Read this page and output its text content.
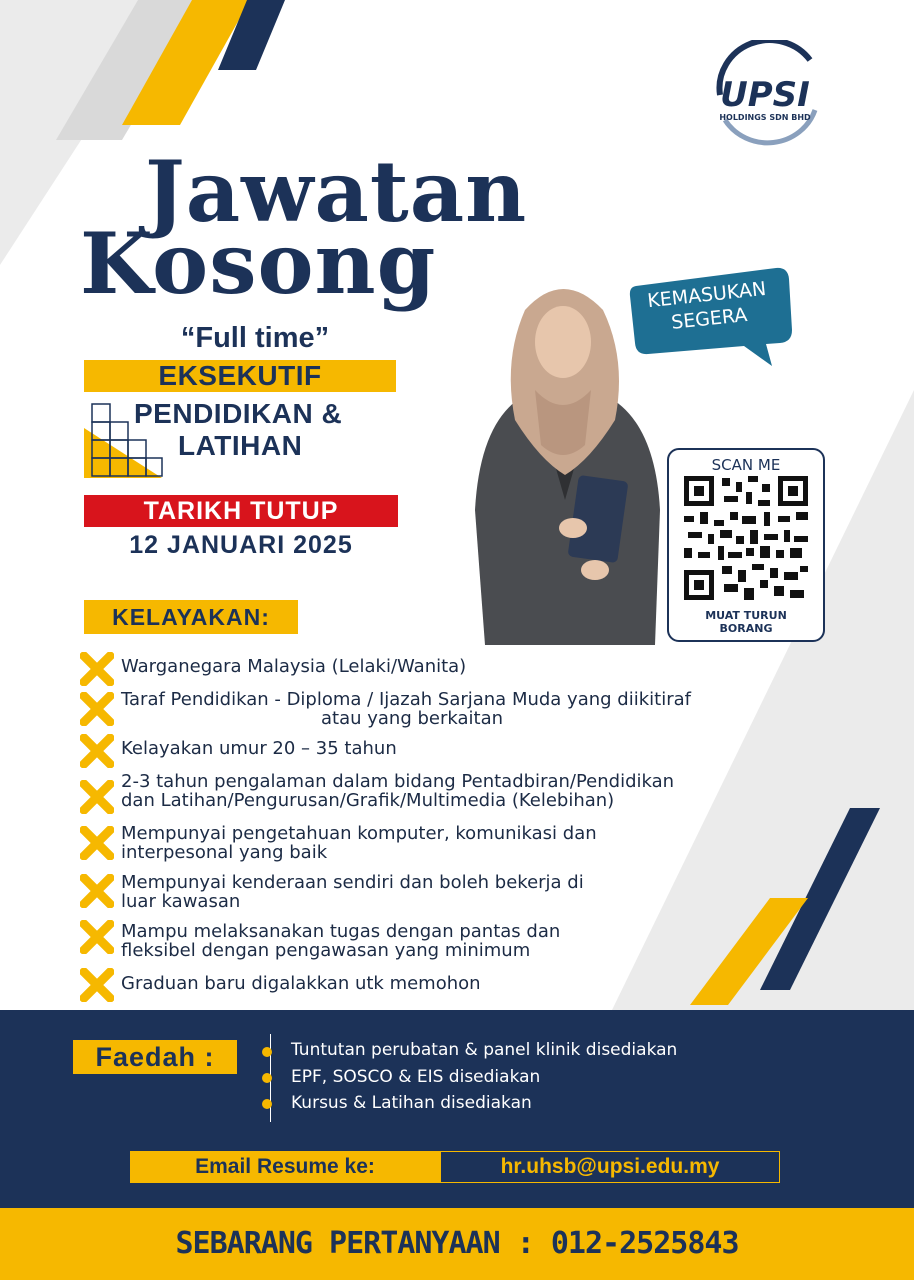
UPSI
HOLDINGS SDN BHD
Jawatan
Kosong
“Full time”
EKSEKUTIF
PENDIDIKAN &
LATIHAN
TARIKH TUTUP
12 JANUARI 2025
KEMASUKAN
SEGERA
SCAN ME
MUAT TURUN
BORANG
KELAYAKAN:
Warganegara Malaysia (Lelaki/Wanita)
Taraf Pendidikan - Diploma / Ijazah Sarjana Muda yang diikitiraf
atau yang berkaitan
Kelayakan umur 20 – 35 tahun
2-3 tahun pengalaman dalam bidang Pentadbiran/Pendidikan
dan Latihan/Pengurusan/Grafik/Multimedia (Kelebihan)
Mempunyai pengetahuan komputer, komunikasi dan
interpesonal yang baik
Mempunyai kenderaan sendiri dan boleh bekerja di
luar kawasan
Mampu melaksanakan tugas dengan pantas dan
fleksibel dengan pengawasan yang minimum
Graduan baru digalakkan utk memohon
Faedah :	Tuntutan perubatan & panel klinik disediakan
EPF, SOSCO & EIS disediakan
Kursus & Latihan disediakan
Email Resume ke:	hr.uhsb@upsi.edu.my
SEBARANG PERTANYAAN : 012-2525843
